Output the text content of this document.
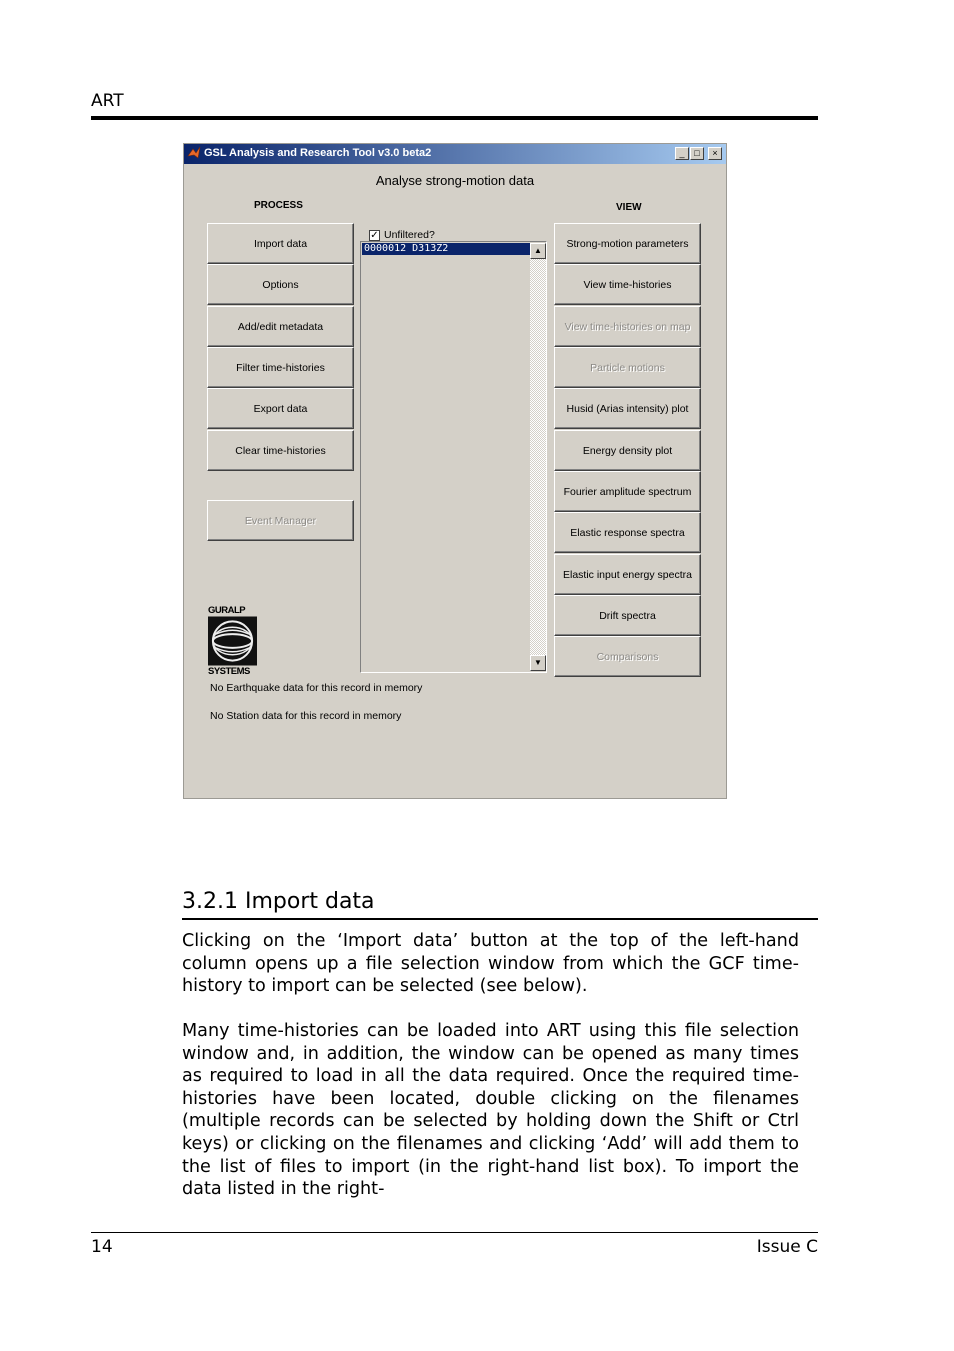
ART
GSL Analysis and Research Tool v3.0 beta2	_	□	×
Analyse strong-motion data
PROCESS	VIEW
Import data
Options
Add/edit metadata
Filter time-histories
Export data
Clear time-histories
Event Manager
✓ Unfiltered?
0000012 D313Z2	▲
▼
Strong-motion parameters
View time-histories
View time-histories on map
Particle motions
Husid (Arias intensity) plot
Energy density plot
Fourier amplitude spectrum
Elastic response spectra
Elastic input energy spectra
Drift spectra
Comparisons
GURALP
SYSTEMS
No Earthquake data for this record in memory
No Station data for this record in memory
3.2.1 Import data
Clicking on the ‘Import data’ button at the top of the left-hand column opens up a file selection window from which the GCF time-history to import can be selected (see below).
Many time-histories can be loaded into ART using this file selection window and, in addition, the window can be opened as many times as required to load in all the data required. Once the required time-histories have been located, double clicking on the filenames (multiple records can be selected by holding down the Shift or Ctrl keys) or clicking on the filenames and clicking ‘Add’ will add them to the list of files to import (in the right-hand list box). To import the data listed in the right-
14	Issue C
